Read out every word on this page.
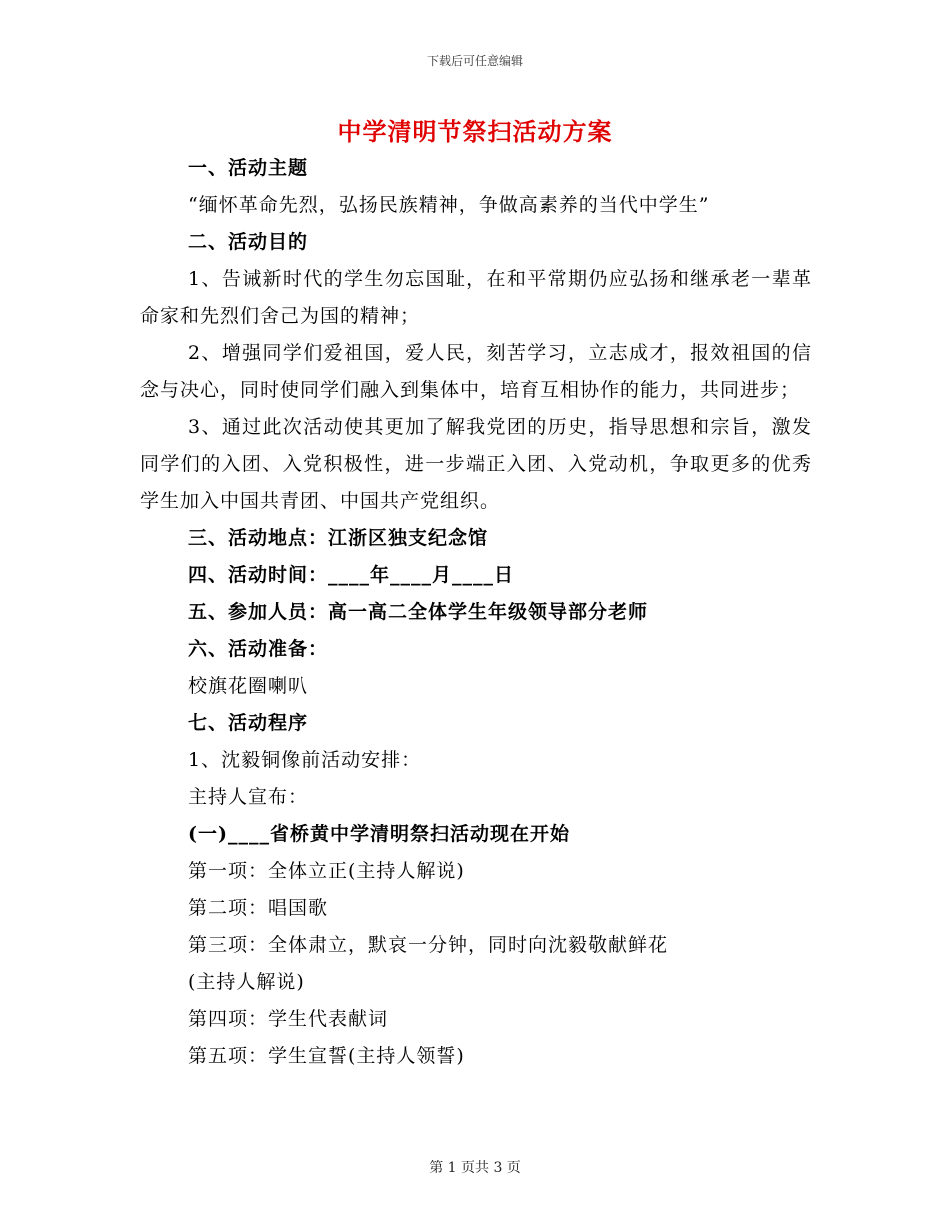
下载后可任意编辑
中学清明节祭扫活动方案

一、活动主题

“缅怀革命先烈，弘扬民族精神，争做高素养的当代中学生”

二、活动目的

1、告诫新时代的学生勿忘国耻，在和平常期仍应弘扬和继承老一辈革命家和先烈们舍己为国的精神；

2、增强同学们爱祖国，爱人民，刻苦学习，立志成才，报效祖国的信念与决心，同时使同学们融入到集体中，培育互相协作的能力，共同进步；

3、通过此次活动使其更加了解我党团的历史，指导思想和宗旨，激发同学们的入团、入党积极性，进一步端正入团、入党动机，争取更多的优秀学生加入中国共青团、中国共产党组织。

三、活动地点：江浙区独支纪念馆

四、活动时间：____年____月____日

五、参加人员：高一高二全体学生年级领导部分老师

六、活动准备：

校旗花圈喇叭

七、活动程序

1、沈毅铜像前活动安排：

主持人宣布：

(一)____省桥黄中学清明祭扫活动现在开始

第一项：全体立正(主持人解说)

第二项：唱国歌

第三项：全体肃立，默哀一分钟，同时向沈毅敬献鲜花

(主持人解说)

第四项：学生代表献词

第五项：学生宣誓(主持人领誓)

第 1 页共 3 页
